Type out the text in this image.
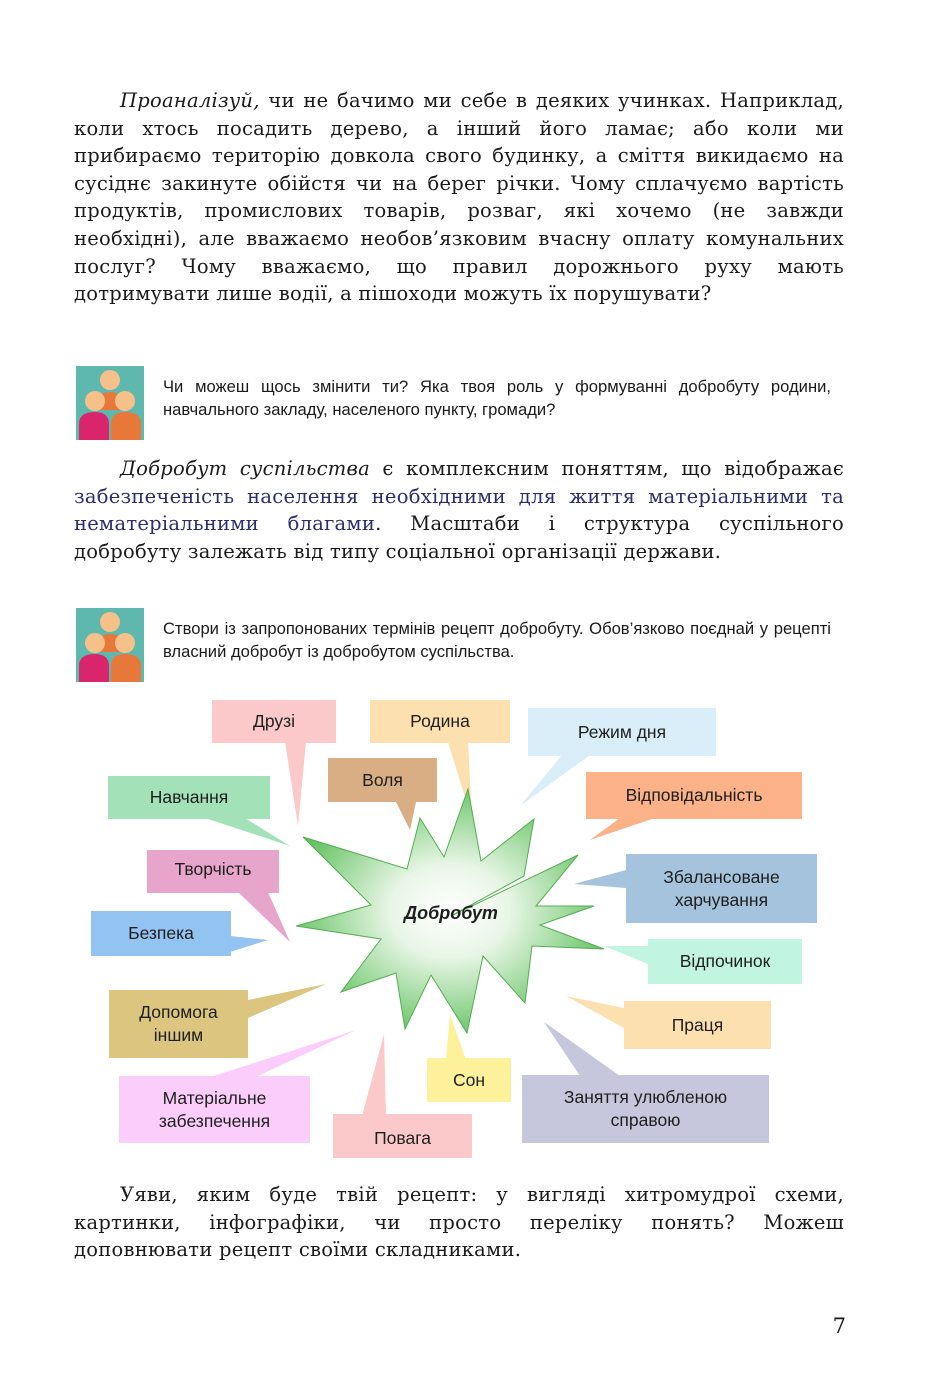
Проаналізуй, чи не бачимо ми себе в деяких учинках. Наприклад, коли хтось посадить дерево, а інший його ламає; або коли ми прибираємо територію довкола свого будинку, а сміття викидаємо на сусіднє закинуте обійстя чи на берег річки. Чому сплачуємо вартість продуктів, промислових товарів, розваг, які хочемо (не завжди необхідні), але вважаємо необов’язковим вчасну оплату комунальних послуг? Чому вважаємо, що правил дорожнього руху мають дотримувати лише водії, а пішоходи можуть їх порушувати?

Чи можеш щось змінити ти? Яка твоя роль у формуванні добробуту родини, навчального закладу, населеного пункту, громади?

Добробут суспільства є комплексним поняттям, що відображає забезпеченість населення необхідними для життя матеріальними та нематеріальними благами. Масштаби і структура суспільного добробуту залежать від типу соціальної організації держави.

Створи із запропонованих термінів рецепт добробуту. Обов’язково поєднай у рецепті власний добробут із добробутом суспільства.
Добробут
Друзі	Родина
Режим дня
Воля
Навчання	Відповідальність
Творчість	Збалансоване харчування
Безпека
Відпочинок
Допомога іншим
Праця
Матеріальне забезпечення
Сон
Заняття улюбленою справою
Повага

Уяви, яким буде твій рецепт: у вигляді хитромудрої схеми, картинки, інфографіки, чи просто переліку понять? Можеш доповнювати рецепт своїми складниками.

7
